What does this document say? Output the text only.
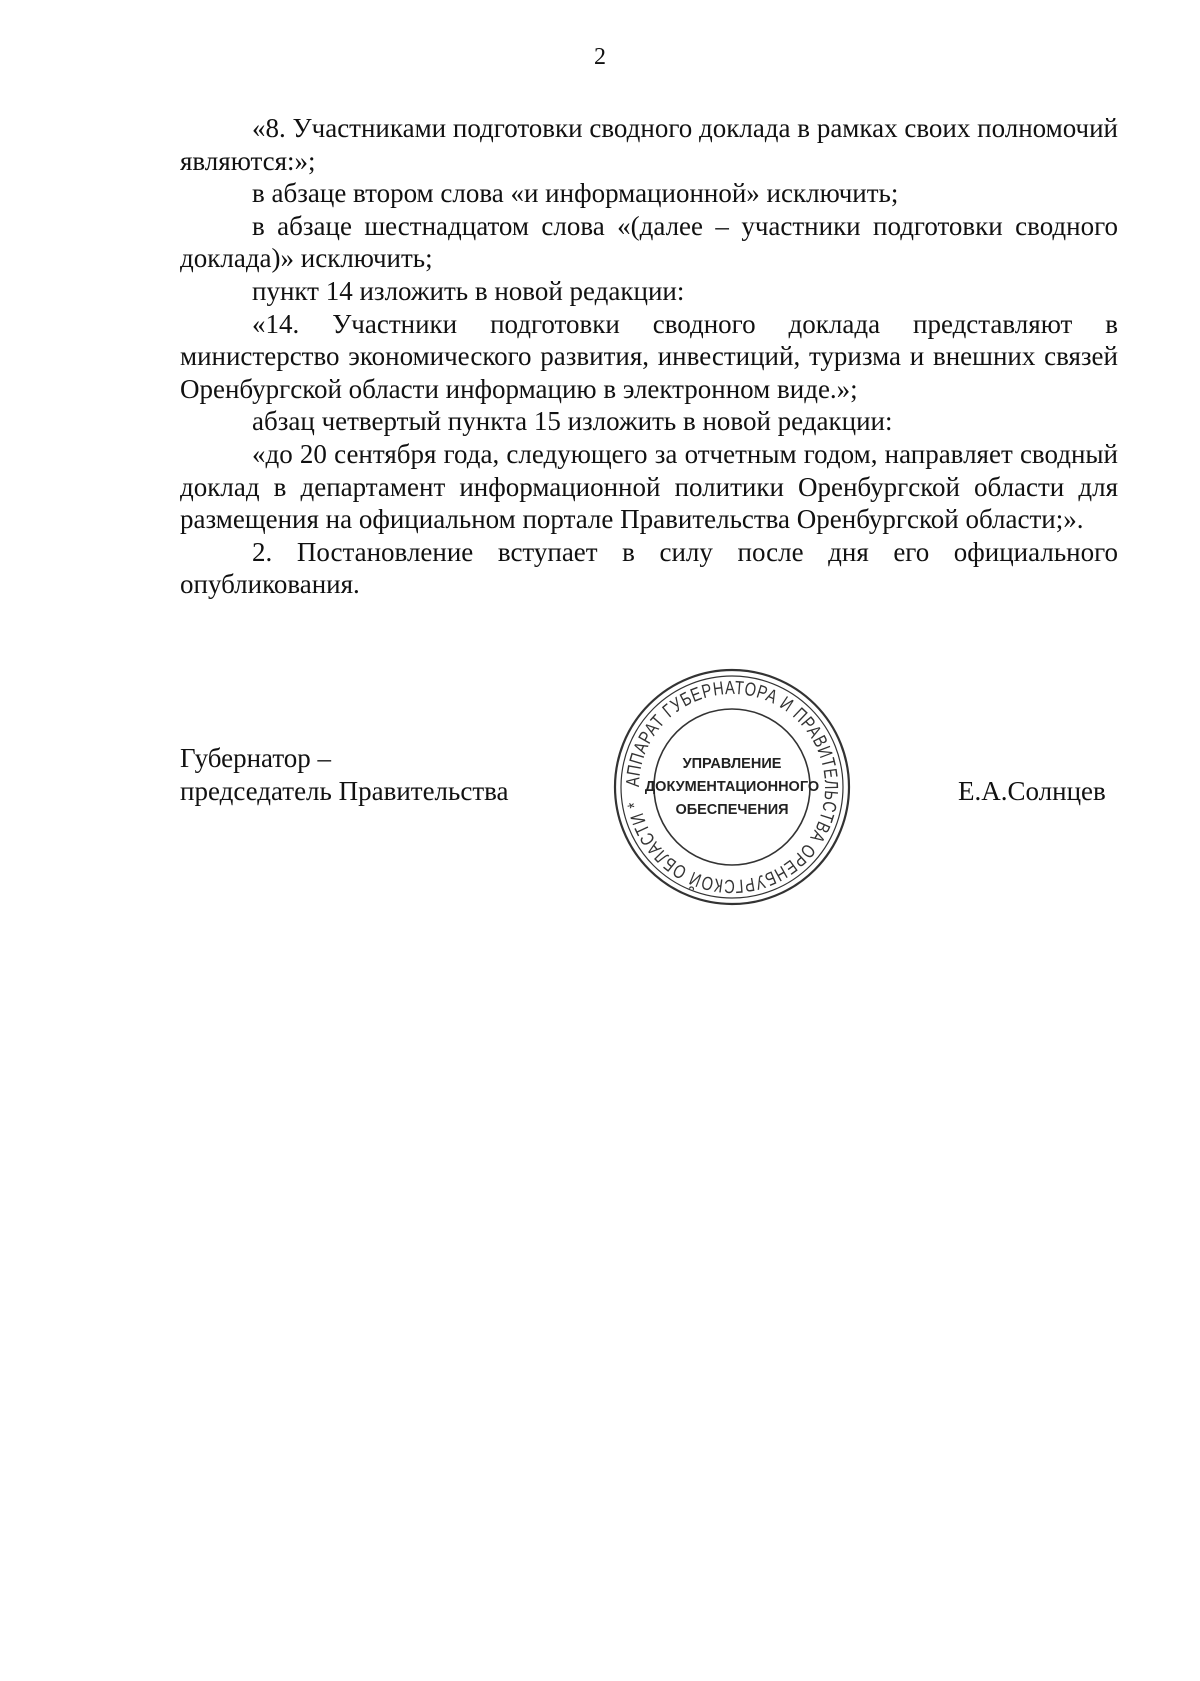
2

«8. Участниками подготовки сводного доклада в рамках своих полномочий являются:»;

в абзаце втором слова «и информационной» исключить;

в абзаце шестнадцатом слова «(далее – участники подготовки сводного доклада)» исключить;

пункт 14 изложить в новой редакции:

«14. Участники подготовки сводного доклада представляют в министерство экономического развития, инвестиций, туризма и внешних связей Оренбургской области информацию в электронном виде.»;

абзац четвертый пункта 15 изложить в новой редакции:

«до 20 сентября года, следующего за отчетным годом, направляет сводный доклад в департамент информационной политики Оренбургской области для размещения на официальном портале Правительства Оренбургской области;».

2. Постановление вступает в силу после дня его официального опубликования.

Губернатор –
председатель Правительства	Е.А.Солнцев
АППАРАТ ГУБЕРНАТОРА И ПРАВИТЕЛЬСТВА ОРЕНБУРГСКОЙ ОБЛАСТИ *
УПРАВЛЕНИЕ
ДОКУМЕНТАЦИОННОГО
ОБЕСПЕЧЕНИЯ
